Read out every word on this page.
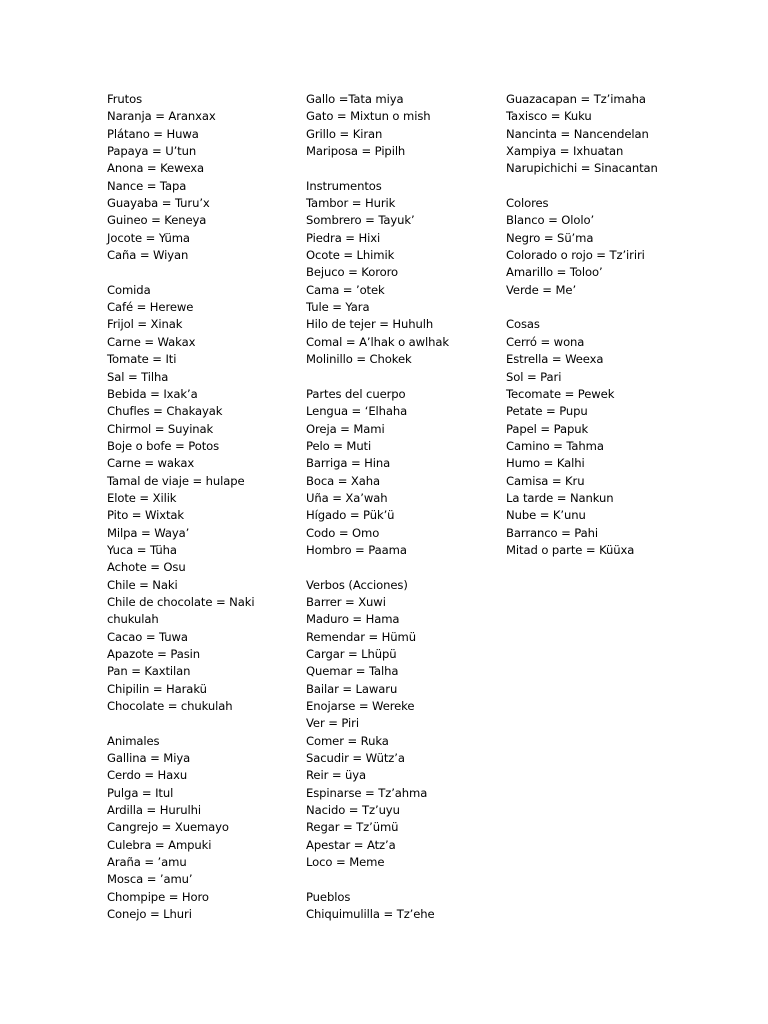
Frutos
Naranja = Aranxax
Plátano = Huwa
Papaya = U’tun
Anona = Kewexa
Nance = Tapa
Guayaba = Turu’x
Guineo = Keneya
Jocote = Yüma
Caña = Wiyan
Comida
Café = Herewe
Frijol = Xinak
Carne = Wakax
Tomate = Iti
Sal = Tilha
Bebida = Ixak’a
Chufles = Chakayak
Chirmol = Suyinak
Boje o bofe = Potos
Carne = wakax
Tamal de viaje = hulape
Elote = Xilik
Pito = Wixtak
Milpa = Waya’
Yuca = Tüha
Achote = Osu
Chile = Naki
Chile de chocolate = Naki chukulah
Cacao = Tuwa
Apazote = Pasin
Pan = Kaxtilan
Chipilin = Harakü
Chocolate = chukulah
Animales
Gallina = Miya
Cerdo = Haxu
Pulga = Itul
Ardilla = Hurulhi
Cangrejo = Xuemayo
Culebra = Ampuki
Araña = ’amu
Mosca = ’amu’
Chompipe = Horo
Conejo = Lhuri
Gallo =Tata miya
Gato = Mixtun o mish
Grillo = Kiran
Mariposa = Pipilh
Instrumentos
Tambor = Hurik
Sombrero = Tayuk’
Piedra = Hixi
Ocote = Lhimik
Bejuco = Kororo
Cama = ’otek
Tule = Yara
Hilo de tejer = Huhulh
Comal = A’lhak o awlhak
Molinillo = Chokek
Partes del cuerpo
Lengua = ‘Elhaha
Oreja = Mami
Pelo = Muti
Barriga = Hina
Boca = Xaha
Uña = Xa’wah
Hígado = Pük’ü
Codo = Omo
Hombro = Paama
Verbos (Acciones)
Barrer = Xuwi
Maduro = Hama
Remendar = Hümü
Cargar = Lhüpü
Quemar = Talha
Bailar = Lawaru
Enojarse = Wereke
Ver = Piri
Comer = Ruka
Sacudir = Wütz’a
Reir = üya
Espinarse = Tz’ahma
Nacido = Tz’uyu
Regar = Tz’ümü
Apestar = Atz’a
Loco = Meme
Pueblos
Chiquimulilla = Tz’ehe
Guazacapan = Tz’imaha
Taxisco = Kuku
Nancinta = Nancendelan
Xampiya = Ixhuatan
Narupichichi = Sinacantan
Colores
Blanco = Ololo’
Negro = Sü’ma
Colorado o rojo = Tz’iriri
Amarillo = Toloo’
Verde = Me’
Cosas
Cerró = wona
Estrella = Weexa
Sol = Pari
Tecomate = Pewek
Petate = Pupu
Papel = Papuk
Camino = Tahma
Humo = Kalhi
Camisa = Kru
La tarde = Nankun
Nube = K’unu
Barranco = Pahi
Mitad o parte = Küüxa
